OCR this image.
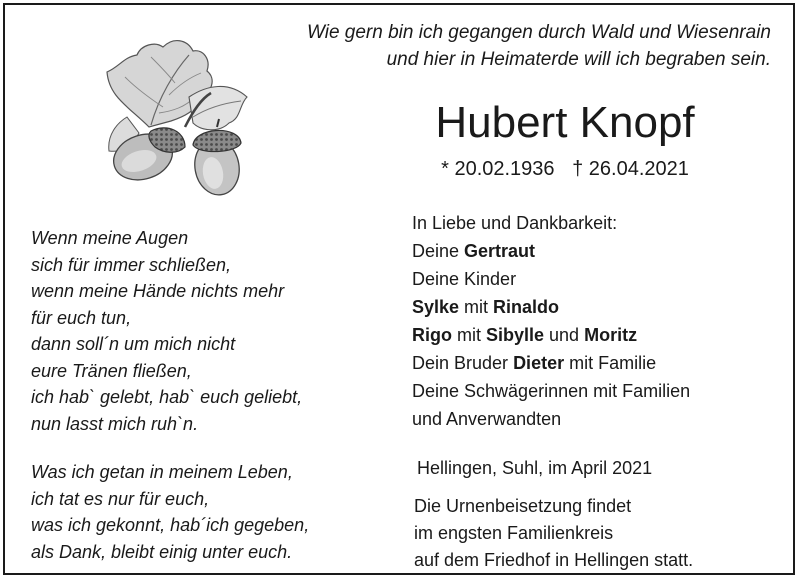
Wie gern bin ich gegangen durch Wald und Wiesenrain
und hier in Heimaterde will ich begraben sein.
Hubert Knopf
* 20.02.1936 † 26.04.2021
Wenn meine Augen
sich für immer schließen,
wenn meine Hände nichts mehr
für euch tun,
dann soll´n um mich nicht
eure Tränen fließen,
ich hab` gelebt, hab` euch geliebt,
nun lasst mich ruh`n.
Was ich getan in meinem Leben,
ich tat es nur für euch,
was ich gekonnt, hab´ich gegeben,
als Dank, bleibt einig unter euch.
In Liebe und Dankbarkeit:
Deine Gertraut
Deine Kinder
Sylke mit Rinaldo
Rigo mit Sibylle und Moritz
Dein Bruder Dieter mit Familie
Deine Schwägerinnen mit Familien
und Anverwandten
Hellingen, Suhl, im April 2021
Die Urnenbeisetzung findet
im engsten Familienkreis
auf dem Friedhof in Hellingen statt.
